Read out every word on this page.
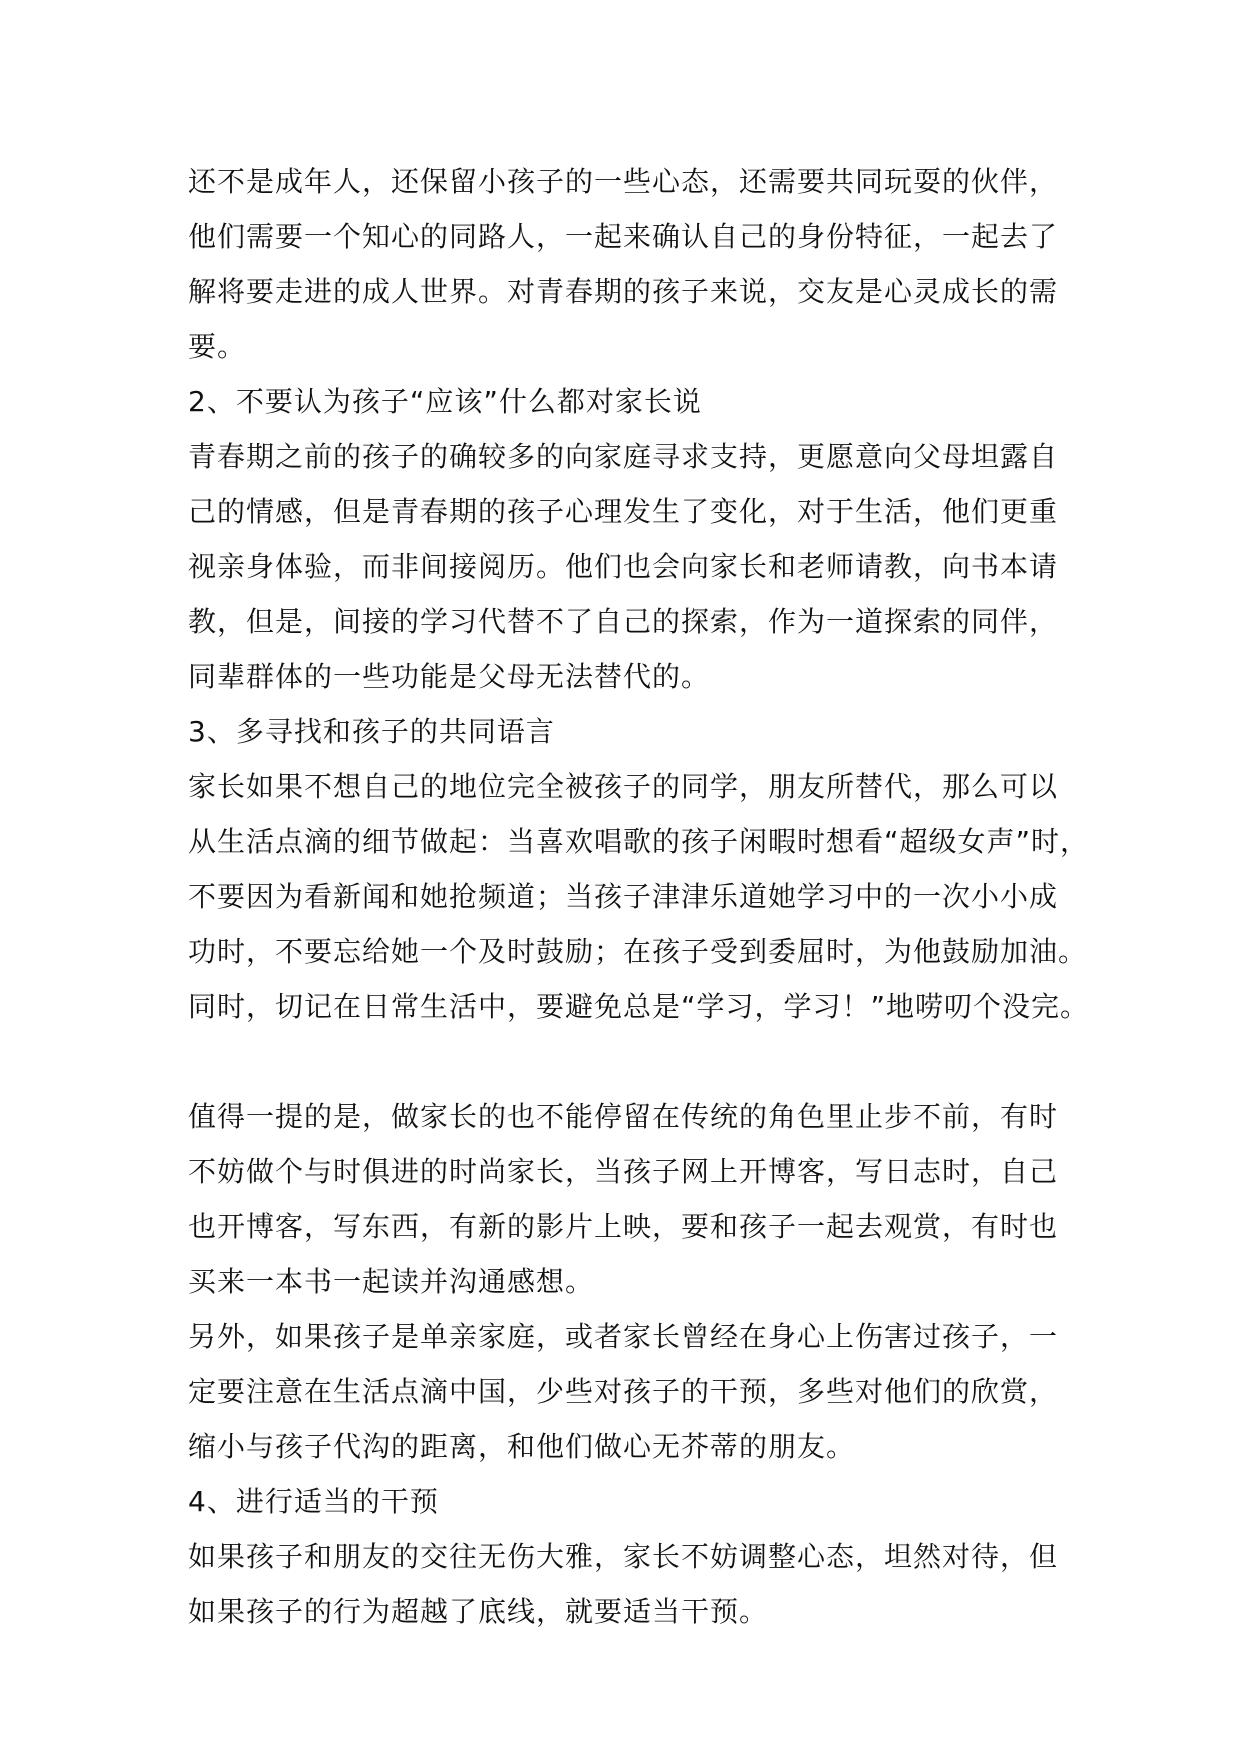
还不是成年人，还保留小孩子的一些心态，还需要共同玩耍的伙伴，
他们需要一个知心的同路人，一起来确认自己的身份特征，一起去了
解将要走进的成人世界。对青春期的孩子来说，交友是心灵成长的需
要。
2、不要认为孩子“应该”什么都对家长说
青春期之前的孩子的确较多的向家庭寻求支持，更愿意向父母坦露自
己的情感，但是青春期的孩子心理发生了变化，对于生活，他们更重
视亲身体验，而非间接阅历。他们也会向家长和老师请教，向书本请
教，但是，间接的学习代替不了自己的探索，作为一道探索的同伴，
同辈群体的一些功能是父母无法替代的。
3、多寻找和孩子的共同语言
家长如果不想自己的地位完全被孩子的同学，朋友所替代，那么可以
从生活点滴的细节做起：当喜欢唱歌的孩子闲暇时想看“超级女声”时，
不要因为看新闻和她抢频道；当孩子津津乐道她学习中的一次小小成
功时，不要忘给她一个及时鼓励；在孩子受到委屈时，为他鼓励加油。
同时，切记在日常生活中，要避免总是“学习，学习！”地唠叨个没完。
值得一提的是，做家长的也不能停留在传统的角色里止步不前，有时
不妨做个与时俱进的时尚家长，当孩子网上开博客，写日志时，自己
也开博客，写东西，有新的影片上映，要和孩子一起去观赏，有时也
买来一本书一起读并沟通感想。
另外，如果孩子是单亲家庭，或者家长曾经在身心上伤害过孩子，一
定要注意在生活点滴中国，少些对孩子的干预，多些对他们的欣赏，
缩小与孩子代沟的距离，和他们做心无芥蒂的朋友。
4、进行适当的干预
如果孩子和朋友的交往无伤大雅，家长不妨调整心态，坦然对待，但
如果孩子的行为超越了底线，就要适当干预。
